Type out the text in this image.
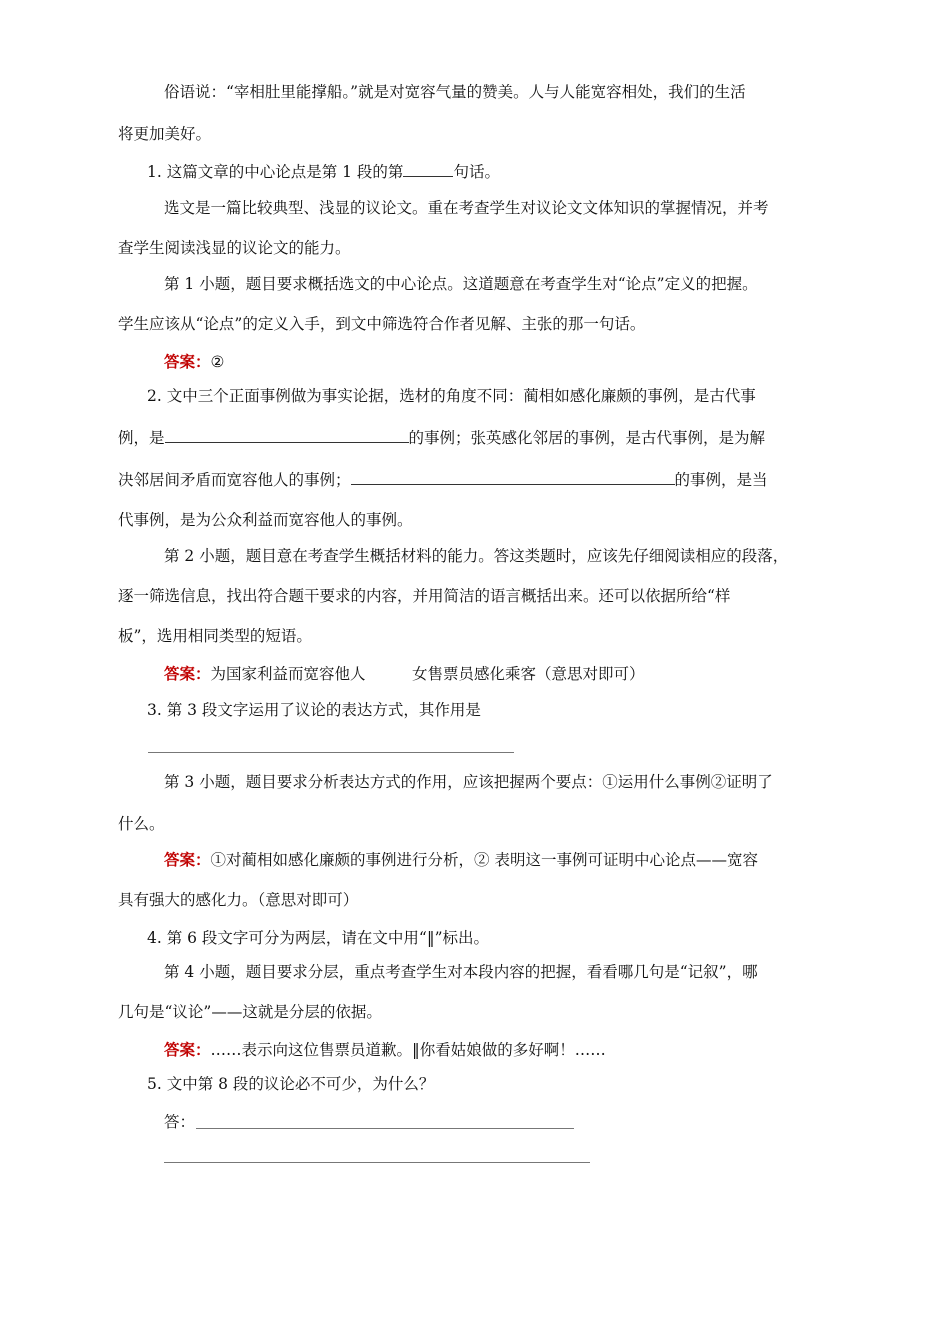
俗语说：“宰相肚里能撑船。”就是对宽容气量的赞美。人与人能宽容相处，我们的生活
将更加美好。
1. 这篇文章的中心论点是第 1 段的第	句话。
选文是一篇比较典型、浅显的议论文。重在考查学生对议论文文体知识的掌握情况，并考
查学生阅读浅显的议论文的能力。
第 1 小题，题目要求概括选文的中心论点。这道题意在考查学生对“论点”定义的把握。
学生应该从“论点”的定义入手，到文中筛选符合作者见解、主张的那一句话。
答案：②
2. 文中三个正面事例做为事实论据，选材的角度不同：蔺相如感化廉颇的事例，是古代事
例，是	的事例；张英感化邻居的事例，是古代事例，是为解
决邻居间矛盾而宽容他人的事例；	的事例，是当
代事例，是为公众利益而宽容他人的事例。
第 2 小题，题目意在考查学生概括材料的能力。答这类题时，应该先仔细阅读相应的段落，
逐一筛选信息，找出符合题干要求的内容，并用简洁的语言概括出来。还可以依据所给“样
板”，选用相同类型的短语。
答案：为国家利益而宽容他人　　　女售票员感化乘客（意思对即可）
3. 第 3 段文字运用了议论的表达方式，其作用是
第 3 小题，题目要求分析表达方式的作用，应该把握两个要点：①运用什么事例②证明了
什么。
答案：①对蔺相如感化廉颇的事例进行分析，② 表明这一事例可证明中心论点——宽容
具有强大的感化力。（意思对即可）
4. 第 6 段文字可分为两层，请在文中用“‖”标出。
第 4 小题，题目要求分层，重点考查学生对本段内容的把握，看看哪几句是“记叙”，哪
几句是“议论”——这就是分层的依据。
答案：……表示向这位售票员道歉。‖你看姑娘做的多好啊！……
5. 文中第 8 段的议论必不可少，为什么？
答：
